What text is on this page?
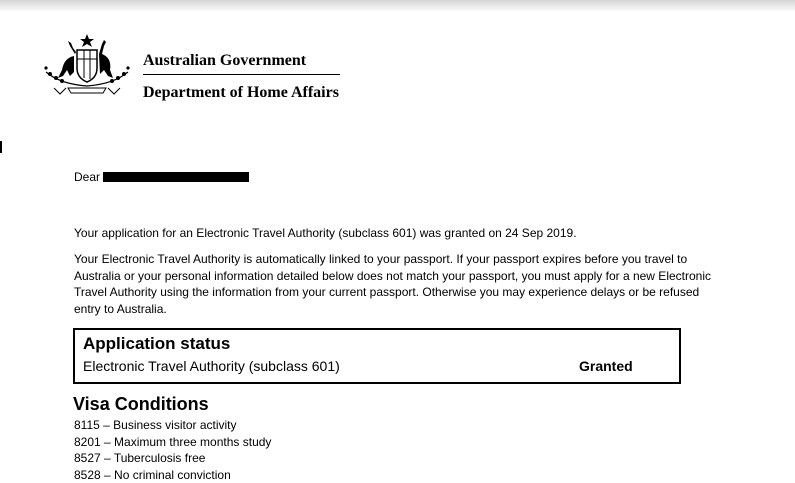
Australian Government
Department of Home Affairs
Dear

Your application for an Electronic Travel Authority (subclass 601) was granted on 24 Sep 2019.

Your Electronic Travel Authority is automatically linked to your passport. If your passport expires before you travel to Australia or your personal information detailed below does not match your passport, you must apply for a new Electronic Travel Authority using the information from your current passport. Otherwise you may experience delays or be refused entry to Australia.

Application status
Electronic Travel Authority (subclass 601)	Granted
Visa Conditions
8115 – Business visitor activity
8201 – Maximum three months study
8527 – Tuberculosis free
8528 – No criminal conviction
